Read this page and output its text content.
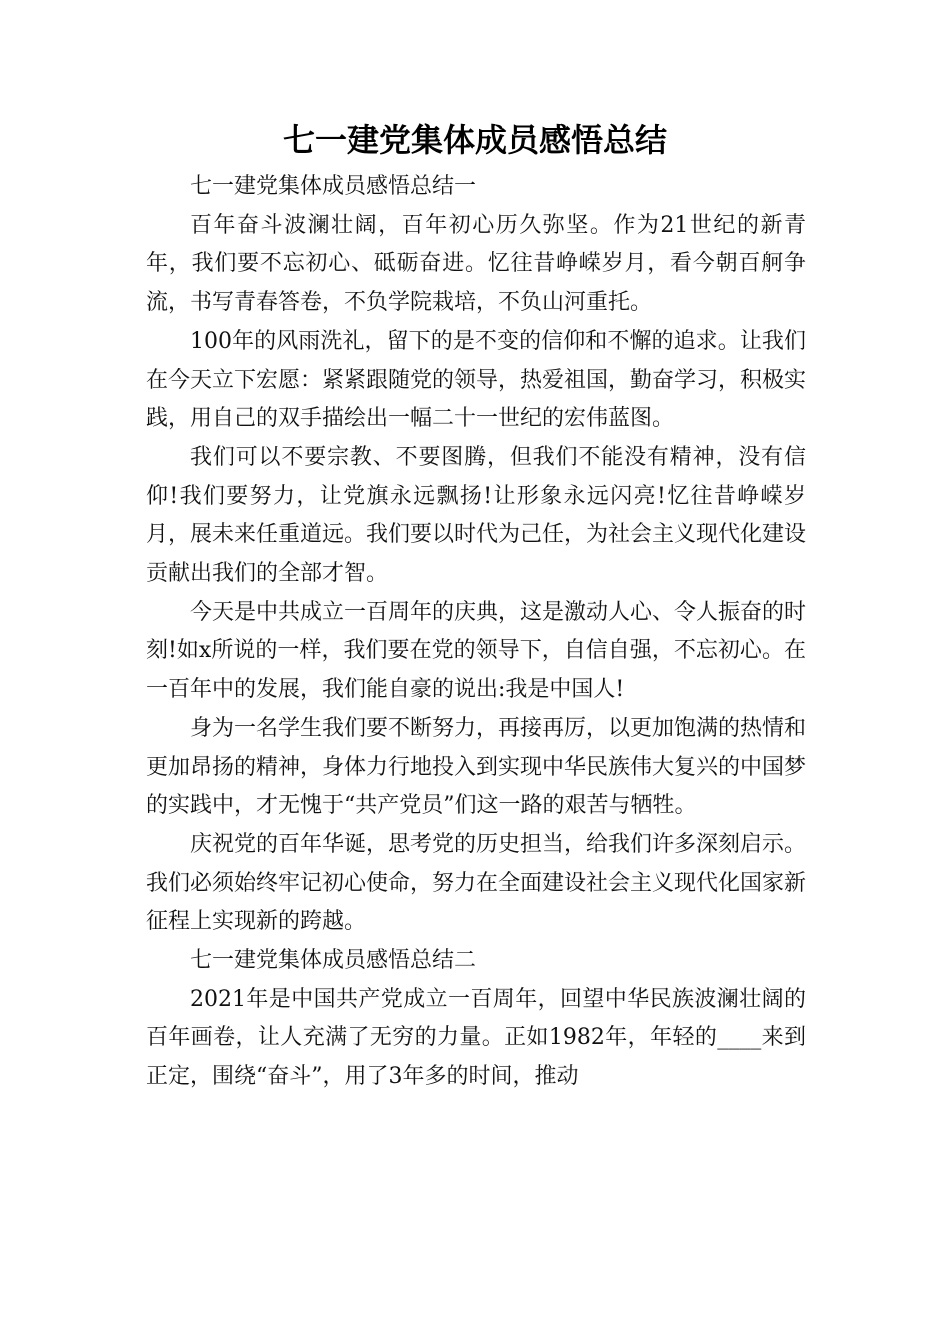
七一建党集体成员感悟总结

七一建党集体成员感悟总结一

百年奋斗波澜壮阔，百年初心历久弥坚。作为21世纪的新青年，我们要不忘初心、砥砺奋进。忆往昔峥嵘岁月，看今朝百舸争流，书写青春答卷，不负学院栽培，不负山河重托。

100年的风雨洗礼，留下的是不变的信仰和不懈的追求。让我们在今天立下宏愿：紧紧跟随党的领导，热爱祖国，勤奋学习，积极实践，用自己的双手描绘出一幅二十一世纪的宏伟蓝图。

我们可以不要宗教、不要图腾，但我们不能没有精神，没有信仰!我们要努力，让党旗永远飘扬!让形象永远闪亮!忆往昔峥嵘岁月，展未来任重道远。我们要以时代为己任，为社会主义现代化建设贡献出我们的全部才智。

今天是中共成立一百周年的庆典，这是激动人心、令人振奋的时刻!如x所说的一样，我们要在党的领导下，自信自强，不忘初心。在一百年中的发展，我们能自豪的说出:我是中国人!

身为一名学生我们要不断努力，再接再厉，以更加饱满的热情和更加昂扬的精神，身体力行地投入到实现中华民族伟大复兴的中国梦的实践中，才无愧于“共产党员”们这一路的艰苦与牺牲。

庆祝党的百年华诞，思考党的历史担当，给我们许多深刻启示。我们必须始终牢记初心使命，努力在全面建设社会主义现代化国家新征程上实现新的跨越。

七一建党集体成员感悟总结二

2021年是中国共产党成立一百周年，回望中华民族波澜壮阔的百年画卷，让人充满了无穷的力量。正如1982年，年轻的____来到正定，围绕“奋斗”，用了3年多的时间，推动
